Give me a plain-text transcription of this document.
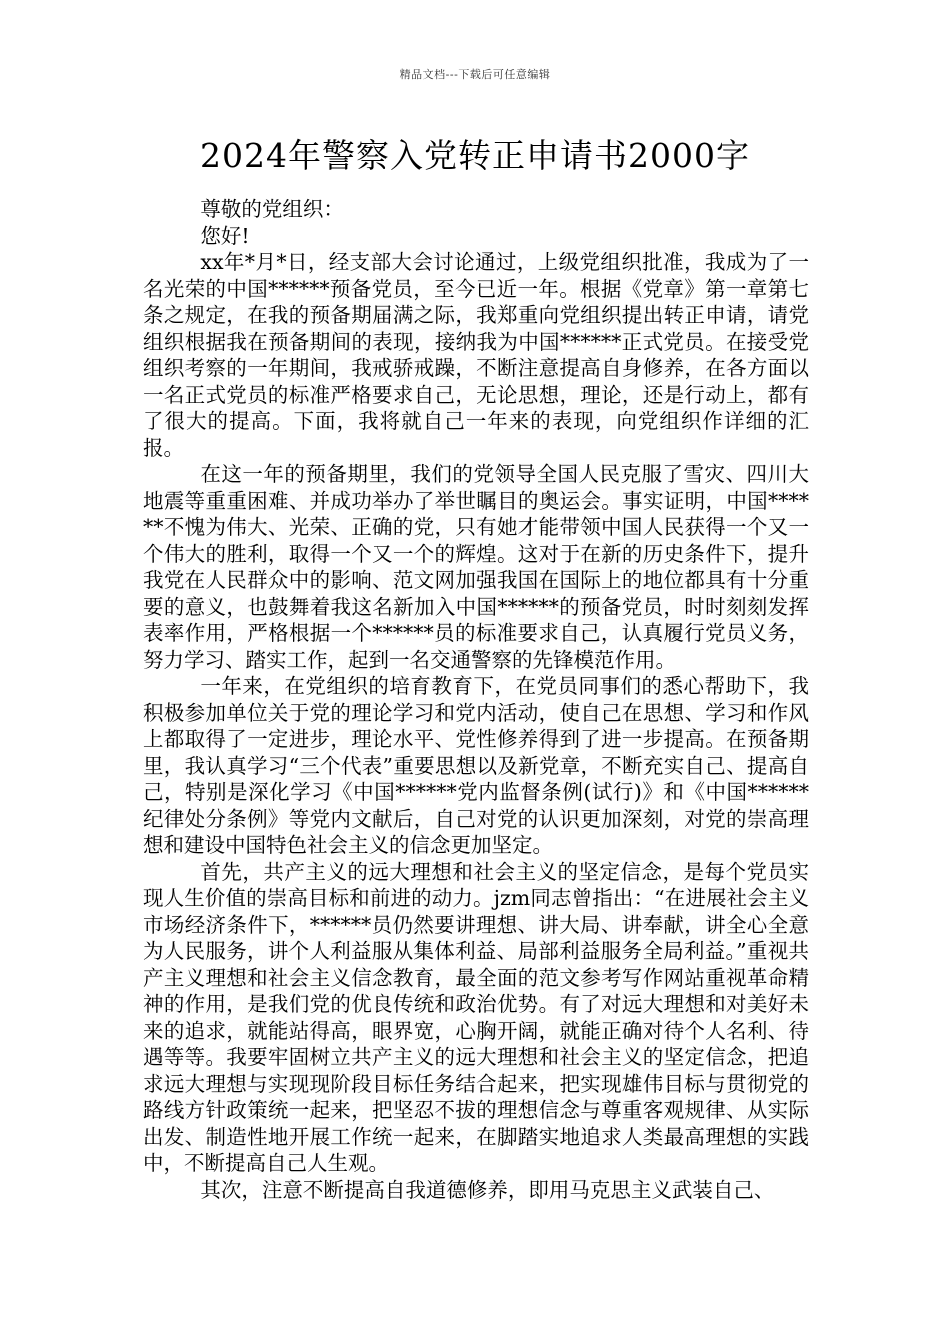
精品文档---下载后可任意编辑
2024年警察入党转正申请书2000字

尊敬的党组织：

您好!

xx年*月*日，经支部大会讨论通过，上级党组织批准，我成为了一名光荣的中国******预备党员，至今已近一年。根据《党章》第一章第七条之规定，在我的预备期届满之际，我郑重向党组织提出转正申请，请党组织根据我在预备期间的表现，接纳我为中国******正式党员。在接受党组织考察的一年期间，我戒骄戒躁，不断注意提高自身修养，在各方面以一名正式党员的标准严格要求自己，无论思想，理论，还是行动上，都有了很大的提高。下面，我将就自己一年来的表现，向党组织作详细的汇报。

在这一年的预备期里，我们的党领导全国人民克服了雪灾、四川大地震等重重困难、并成功举办了举世瞩目的奥运会。事实证明，中国******不愧为伟大、光荣、正确的党，只有她才能带领中国人民获得一个又一个伟大的胜利，取得一个又一个的辉煌。这对于在新的历史条件下，提升我党在人民群众中的影响、范文网加强我国在国际上的地位都具有十分重要的意义，也鼓舞着我这名新加入中国******的预备党员，时时刻刻发挥表率作用，严格根据一个******员的标准要求自己，认真履行党员义务，努力学习、踏实工作，起到一名交通警察的先锋模范作用。

一年来，在党组织的培育教育下，在党员同事们的悉心帮助下，我积极参加单位关于党的理论学习和党内活动，使自己在思想、学习和作风上都取得了一定进步，理论水平、党性修养得到了进一步提高。在预备期里，我认真学习“三个代表”重要思想以及新党章，不断充实自己、提高自己，特别是深化学习《中国******党内监督条例(试行)》和《中国******纪律处分条例》等党内文献后，自己对党的认识更加深刻，对党的崇高理想和建设中国特色社会主义的信念更加坚定。

首先，共产主义的远大理想和社会主义的坚定信念，是每个党员实现人生价值的崇高目标和前进的动力。jzm同志曾指出：“在进展社会主义市场经济条件下，******员仍然要讲理想、讲大局、讲奉献，讲全心全意为人民服务，讲个人利益服从集体利益、局部利益服务全局利益。”重视共产主义理想和社会主义信念教育，最全面的范文参考写作网站重视革命精神的作用，是我们党的优良传统和政治优势。有了对远大理想和对美好未来的追求，就能站得高，眼界宽，心胸开阔，就能正确对待个人名利、待遇等等。我要牢固树立共产主义的远大理想和社会主义的坚定信念，把追求远大理想与实现现阶段目标任务结合起来，把实现雄伟目标与贯彻党的路线方针政策统一起来，把坚忍不拔的理想信念与尊重客观规律、从实际出发、制造性地开展工作统一起来，在脚踏实地追求人类最高理想的实践中，不断提高自己人生观。

其次，注意不断提高自我道德修养，即用马克思主义武装自己、
